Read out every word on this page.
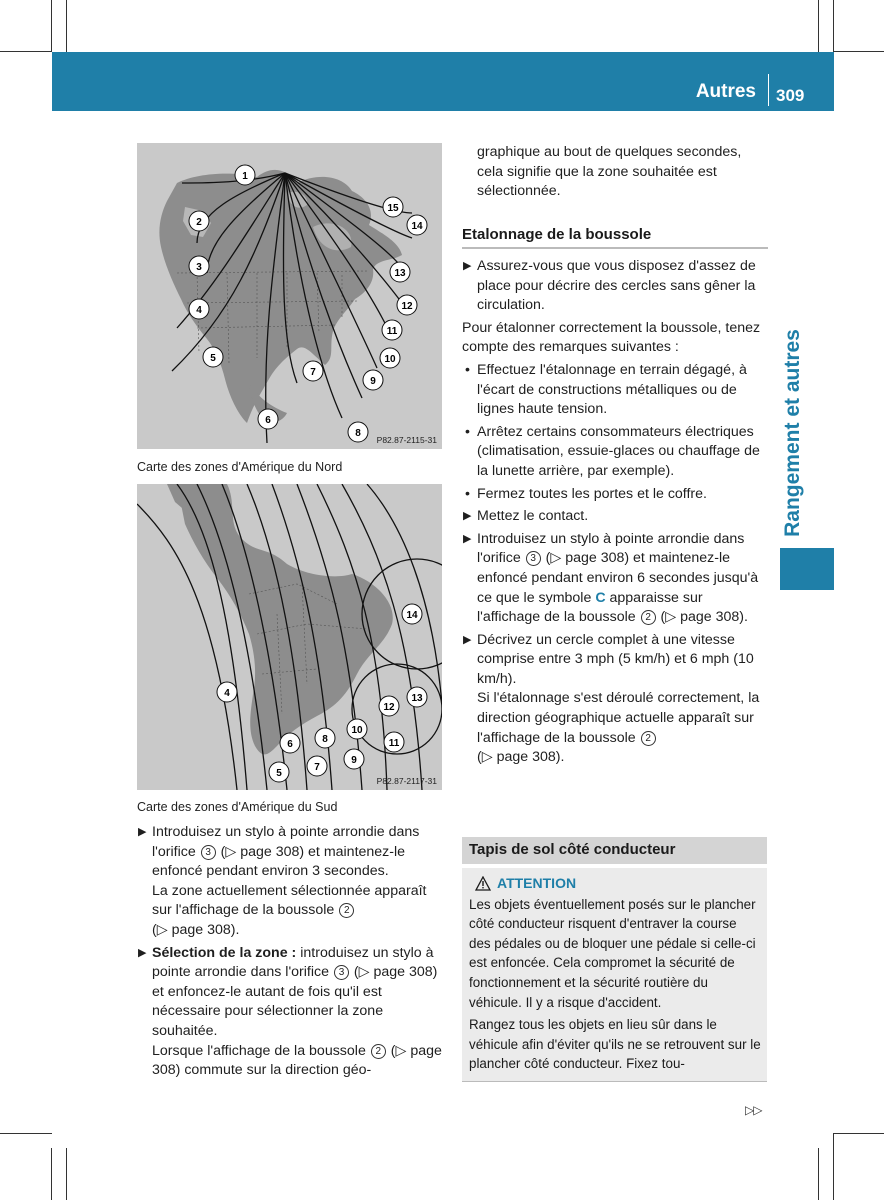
Autres 309
Rangement et autres
1
2
3
4
5
6
7
8
9
10
11
12
13
14
15
P82.87-2115-31
Carte des zones d'Amérique du Nord
4
5
6
7
8
9
10
11
12
13
14
P82.87-2117-31
Carte des zones d'Amérique du Sud
▶ Introduisez un stylo à pointe arrondie dans l'orifice 3 (▷ page 308) et maintenez-le enfoncé pendant environ 3 secondes.
La zone actuellement sélectionnée apparaît sur l'affichage de la boussole 2
(▷ page 308).
▶ Sélection de la zone : introduisez un stylo à pointe arrondie dans l'orifice 3 (▷ page 308) et enfoncez-le autant de fois qu'il est nécessaire pour sélectionner la zone souhaitée.
Lorsque l'affichage de la boussole 2 (▷ page 308) commute sur la direction géo-

graphique au bout de quelques secondes, cela signifie que la zone souhaitée est sélectionnée.

Etalonnage de la boussole
▶ Assurez-vous que vous disposez d'assez de place pour décrire des cercles sans gêner la circulation.

Pour étalonner correctement la boussole, tenez compte des remarques suivantes :

• Effectuez l'étalonnage en terrain dégagé, à l'écart de constructions métalliques ou de lignes haute tension.
• Arrêtez certains consommateurs électriques (climatisation, essuie-glaces ou chauffage de la lunette arrière, par exemple).
• Fermez toutes les portes et le coffre.
▶ Mettez le contact.
▶ Introduisez un stylo à pointe arrondie dans l'orifice 3 (▷ page 308) et maintenez-le enfoncé pendant environ 6 secondes jusqu'à ce que le symbole C apparaisse sur l'affichage de la boussole 2 (▷ page 308).
▶ Décrivez un cercle complet à une vitesse comprise entre 3 mph (5 km/h) et 6 mph (10 km/h).
Si l'étalonnage s'est déroulé correctement, la direction géographique actuelle apparaît sur l'affichage de la boussole 2
(▷ page 308).
Tapis de sol côté conducteur
ATTENTION

Les objets éventuellement posés sur le plancher côté conducteur risquent d'entraver la course des pédales ou de bloquer une pédale si celle-ci est enfoncée. Cela compromet la sécurité de fonctionnement et la sécurité routière du véhicule. Il y a risque d'accident.

Rangez tous les objets en lieu sûr dans le véhicule afin d'éviter qu'ils ne se retrouvent sur le plancher côté conducteur. Fixez tou-

▷▷
